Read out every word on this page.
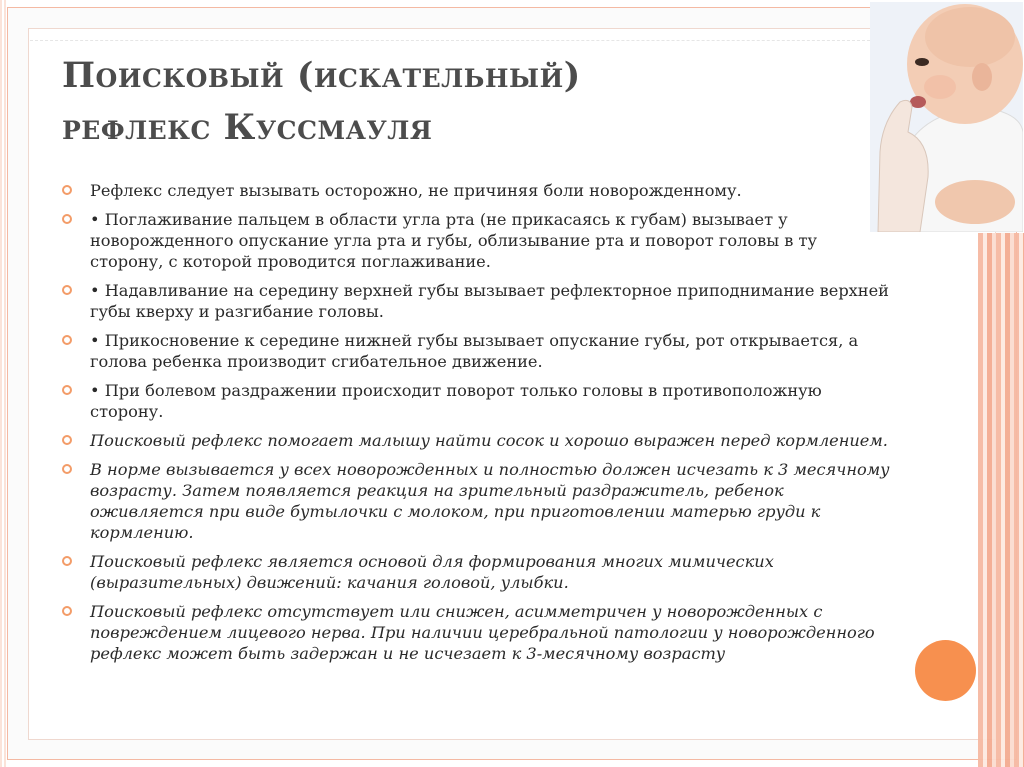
Поисковый (искательный)
рефлекс Куссмауля
Рефлекс следует вызывать осторожно, не причиняя боли новорожденному.
• Поглаживание пальцем в области угла рта (не прикасаясь к губам) вызывает у новорожденного опускание угла рта и губы, облизывание рта и поворот головы в ту сторону, с которой проводится поглаживание.
• Надавливание на середину верхней губы вызывает рефлекторное приподнимание верхней губы кверху и разгибание головы.
• Прикосновение к середине нижней губы вызывает опускание губы, рот открывается, а голова ребенка производит сгибательное движение.
• При болевом раздражении происходит поворот только головы в противоположную сторону.
Поисковый рефлекс помогает малышу найти сосок и хорошо выражен перед кормлением.
В норме вызывается у всех новорожденных и полностью должен исчезать к 3 месячному возрасту. Затем появляется реакция на зрительный раздражитель, ребенок оживляется при виде бутылочки с молоком, при приготовлении матерью груди к кормлению.
Поисковый рефлекс является основой для формирования многих мимических (выразительных) движений: качания головой, улыбки.
Поисковый рефлекс отсутствует или снижен, асимметричен у новорожденных с повреждением лицевого нерва. При наличии церебральной патологии у новорожденного рефлекс может быть задержан и не исчезает к 3-месячному возрасту
